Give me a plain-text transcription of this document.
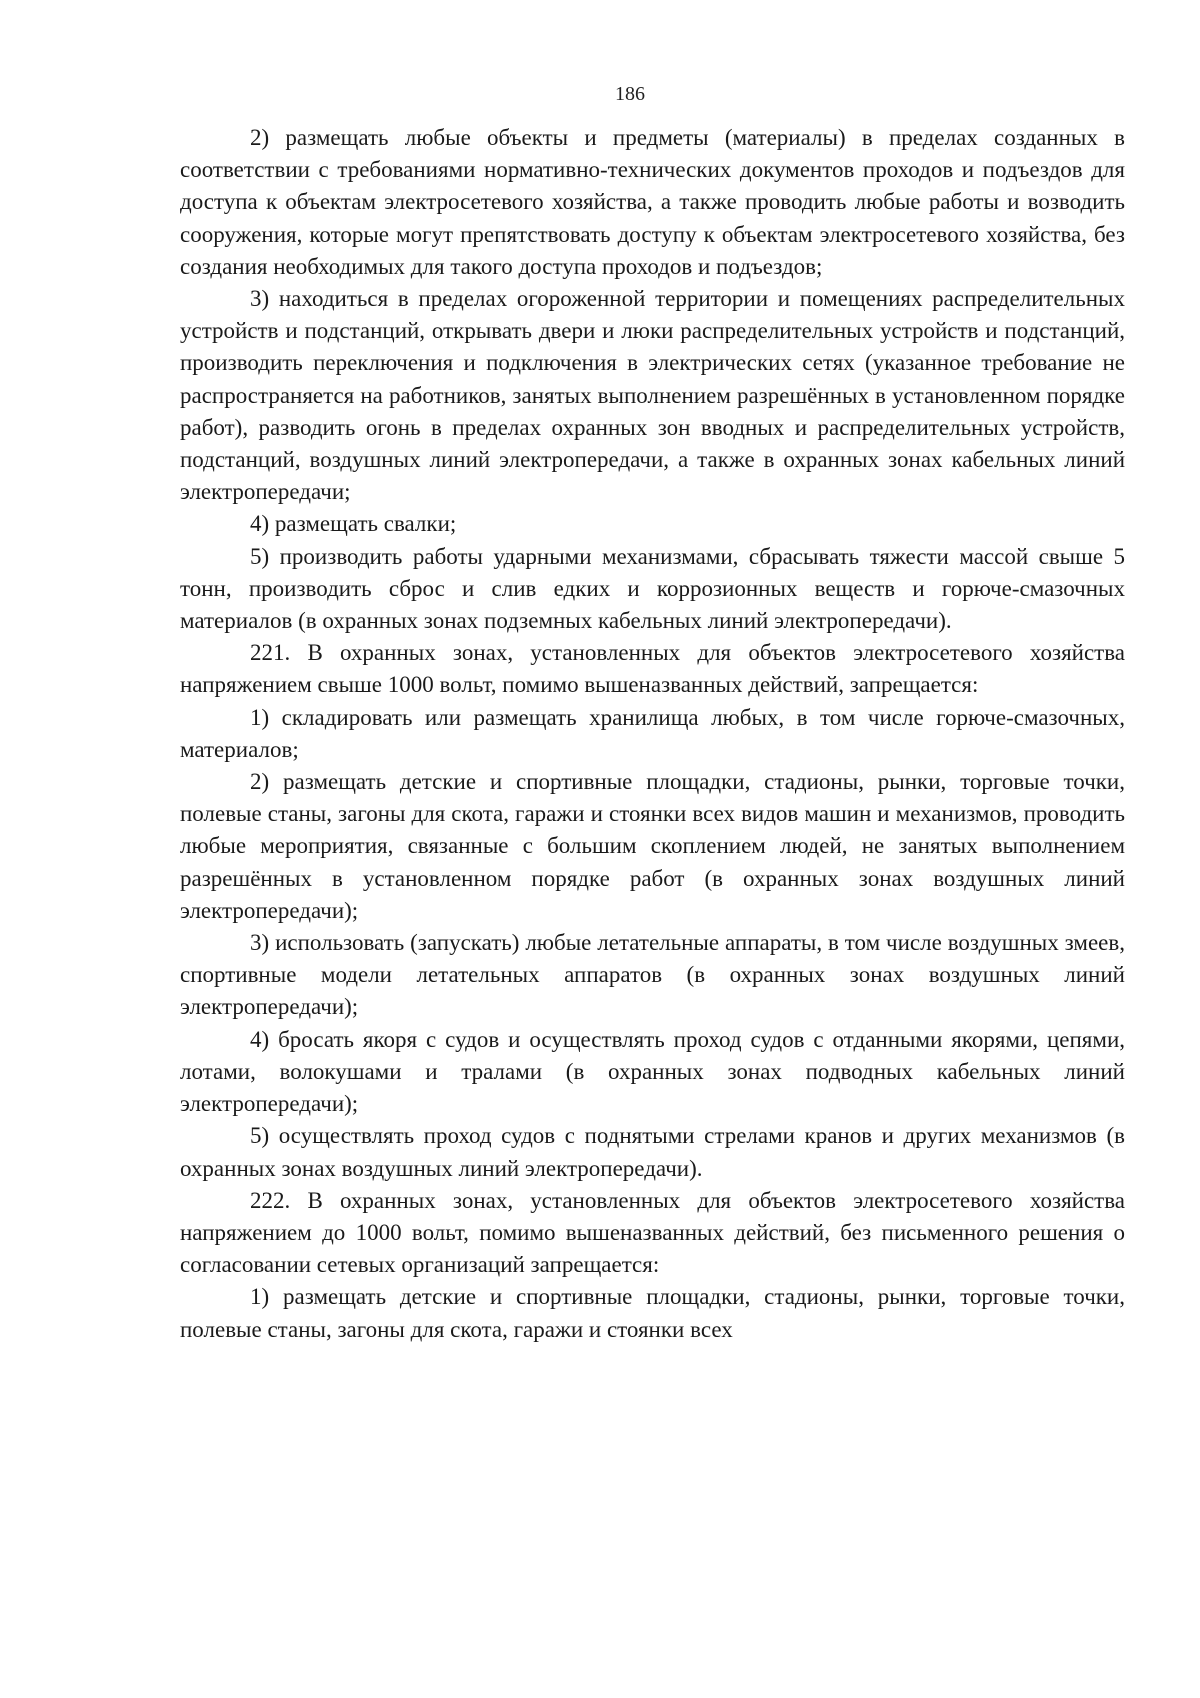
186

2) размещать любые объекты и предметы (материалы) в пределах созданных в соответствии с требованиями нормативно-технических документов проходов и подъездов для доступа к объектам электросетевого хозяйства, а также проводить любые работы и возводить сооружения, которые могут препятствовать доступу к объектам электросетевого хозяйства, без создания необходимых для такого доступа проходов и подъездов;

3) находиться в пределах огороженной территории и помещениях распределительных устройств и подстанций, открывать двери и люки распределительных устройств и подстанций, производить переключения и подключения в электрических сетях (указанное требование не распространяется на работников, занятых выполнением разрешённых в установленном порядке работ), разводить огонь в пределах охранных зон вводных и распределительных устройств, подстанций, воздушных линий электропередачи, а также в охранных зонах кабельных линий электропередачи;

4) размещать свалки;

5) производить работы ударными механизмами, сбрасывать тяжести массой свыше 5 тонн, производить сброс и слив едких и коррозионных веществ и горюче-смазочных материалов (в охранных зонах подземных кабельных линий электропередачи).

221. В охранных зонах, установленных для объектов электросетевого хозяйства напряжением свыше 1000 вольт, помимо вышеназванных действий, запрещается:

1) складировать или размещать хранилища любых, в том числе горюче-смазочных, материалов;

2) размещать детские и спортивные площадки, стадионы, рынки, торговые точки, полевые станы, загоны для скота, гаражи и стоянки всех видов машин и механизмов, проводить любые мероприятия, связанные с большим скоплением людей, не занятых выполнением разрешённых в установленном порядке работ (в охранных зонах воздушных линий электропередачи);

3) использовать (запускать) любые летательные аппараты, в том числе воздушных змеев, спортивные модели летательных аппаратов (в охранных зонах воздушных линий электропередачи);

4) бросать якоря с судов и осуществлять проход судов с отданными якорями, цепями, лотами, волокушами и тралами (в охранных зонах подводных кабельных линий электропередачи);

5) осуществлять проход судов с поднятыми стрелами кранов и других механизмов (в охранных зонах воздушных линий электропередачи).

222. В охранных зонах, установленных для объектов электросетевого хозяйства напряжением до 1000 вольт, помимо вышеназванных действий, без письменного решения о согласовании сетевых организаций запрещается:

1) размещать детские и спортивные площадки, стадионы, рынки, торговые точки, полевые станы, загоны для скота, гаражи и стоянки всех
